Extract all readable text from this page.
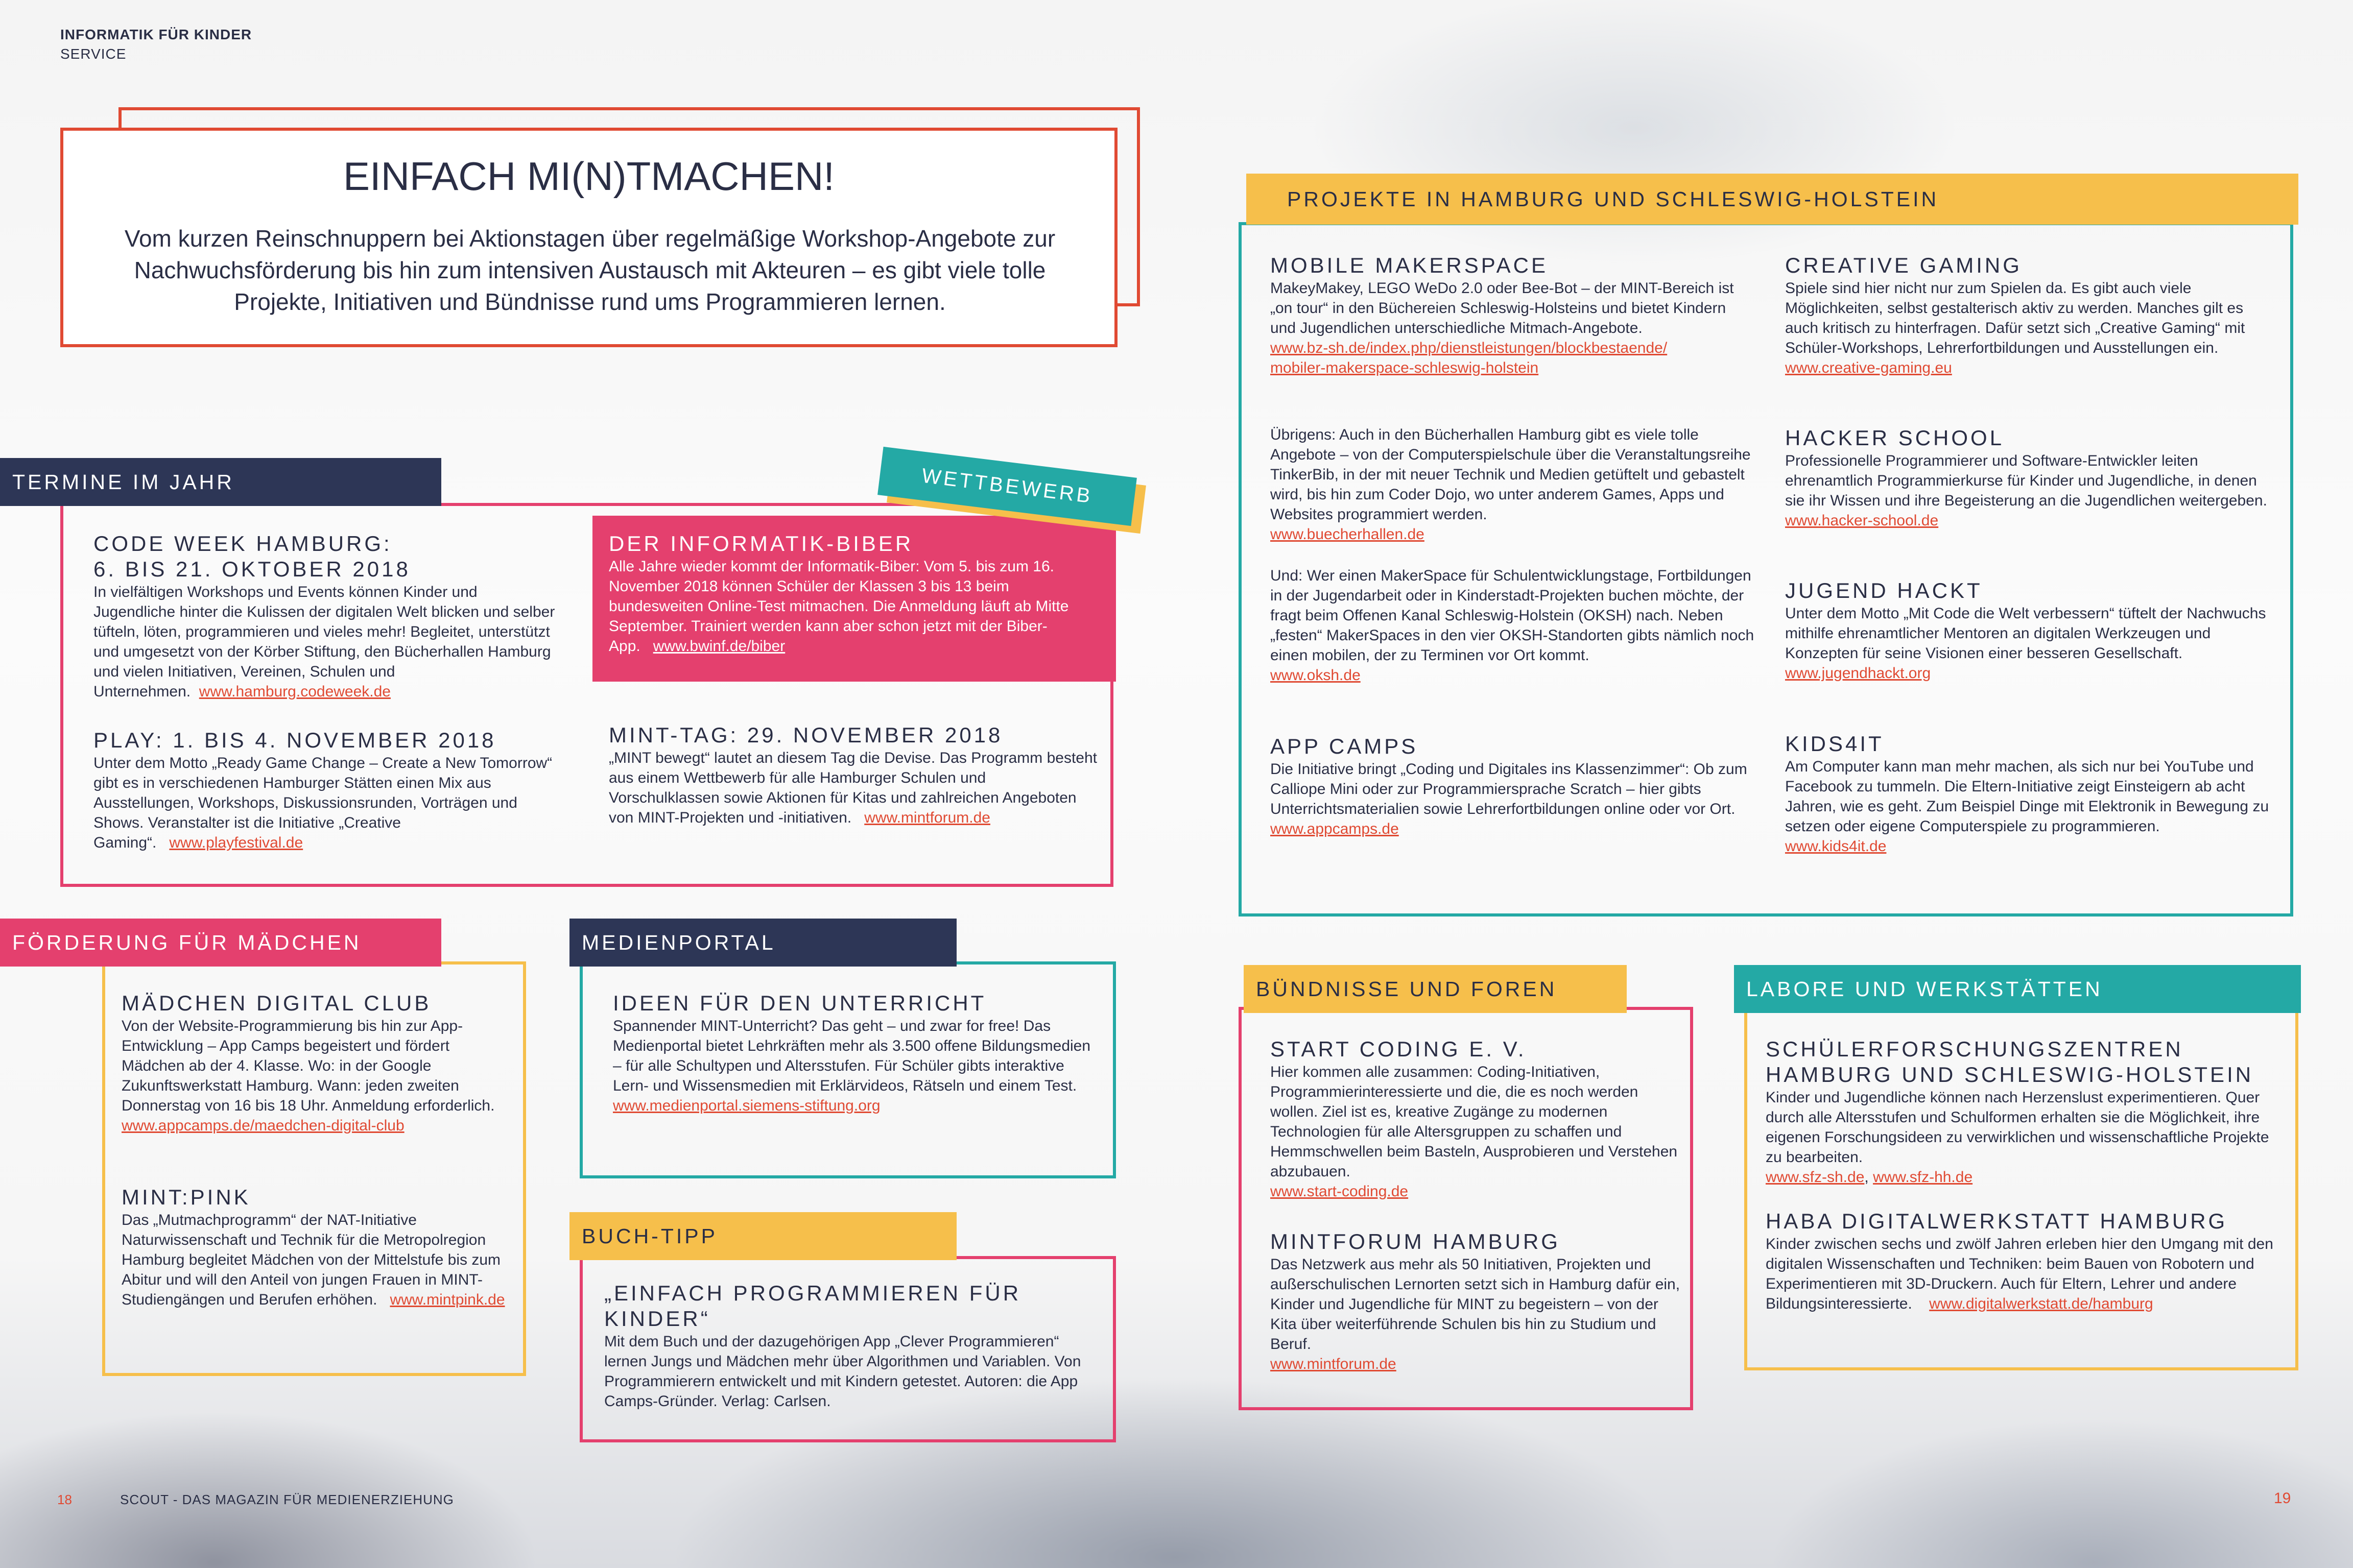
INFORMATIK FÜR KINDER
SERVICE
EINFACH MI(N)TMACHEN!
Vom kurzen Reinschnuppern bei Aktionstagen über regelmäßige Workshop-Angebote zur Nachwuchsförderung bis hin zum intensiven Austausch mit Akteuren – es gibt viele tolle Projekte, Initiativen und Bündnisse rund ums Programmieren lernen.
TERMINE IM JAHR
CODE WEEK HAMBURG:
6. BIS 21. OKTOBER 2018
In vielfältigen Workshops und Events können Kinder und Jugendliche hinter die Kulissen der digitalen Welt blicken und selber tüfteln, löten, programmieren und vieles mehr! Begleitet, unterstützt und umgesetzt von der Körber Stiftung, den Bücherhallen Hamburg und vielen Initiativen, Vereinen, Schulen und Unternehmen. www.hamburg.codeweek.de
PLAY: 1. BIS 4. NOVEMBER 2018
Unter dem Motto „Ready Game Change – Create a New Tomorrow“ gibt es in verschiedenen Hamburger Stätten einen Mix aus Ausstellungen, Workshops, Diskussionsrunden, Vorträgen und Shows. Veranstalter ist die Initiative „Creative Gaming“. www.playfestival.de
WETTBEWERB
DER INFORMATIK-BIBER
Alle Jahre wieder kommt der Informatik-Biber: Vom 5. bis zum 16. November 2018 können Schüler der Klassen 3 bis 13 beim bundesweiten Online-Test mitmachen. Die Anmeldung läuft ab Mitte September. Trainiert werden kann aber schon jetzt mit der Biber-App. www.bwinf.de/biber
MINT-TAG: 29. NOVEMBER 2018
„MINT bewegt“ lautet an diesem Tag die Devise. Das Programm besteht aus einem Wettbewerb für alle Hamburger Schulen und Vorschulklassen sowie Aktionen für Kitas und zahlreichen Angeboten von MINT-Projekten und -initiativen. www.mintforum.de
FÖRDERUNG FÜR MÄDCHEN
MÄDCHEN DIGITAL CLUB
Von der Website-Programmierung bis hin zur App-Entwicklung – App Camps begeistert und fördert Mädchen ab der 4. Klasse. Wo: in der Google Zukunftswerkstatt Hamburg. Wann: jeden zweiten Donnerstag von 16 bis 18 Uhr. Anmeldung erforderlich.
www.appcamps.de/maedchen-digital-club
MINT:PINK
Das „Mutmachprogramm“ der NAT-Initiative Naturwissenschaft und Technik für die Metropolregion Hamburg begleitet Mädchen von der Mittelstufe bis zum Abitur und will den Anteil von jungen Frauen in MINT-Studiengängen und Berufen erhöhen. www.mintpink.de
MEDIENPORTAL
IDEEN FÜR DEN UNTERRICHT
Spannender MINT-Unterricht? Das geht – und zwar for free! Das Medienportal bietet Lehrkräften mehr als 3.500 offene Bildungsmedien – für alle Schultypen und Altersstufen. Für Schüler gibts interaktive Lern- und Wissensmedien mit Erklärvideos, Rätseln und einem Test.
www.medienportal.siemens-stiftung.org
BUCH-TIPP
„EINFACH PROGRAMMIEREN FÜR KINDER“
Mit dem Buch und der dazugehörigen App „Clever Programmieren“ lernen Jungs und Mädchen mehr über Algorithmen und Variablen. Von Programmierern entwickelt und mit Kindern getestet. Autoren: die App Camps-Gründer. Verlag: Carlsen.
PROJEKTE IN HAMBURG UND SCHLESWIG-HOLSTEIN
MOBILE MAKERSPACE
MakeyMakey, LEGO WeDo 2.0 oder Bee-Bot – der MINT-Bereich ist „on tour“ in den Büchereien Schleswig-Holsteins und bietet Kindern und Jugendlichen unterschiedliche Mitmach-Angebote.
www.bz-sh.de/index.php/dienstleistungen/blockbestaende/
mobiler-makerspace-schleswig-holstein
Übrigens: Auch in den Bücherhallen Hamburg gibt es viele tolle Angebote – von der Computerspielschule über die Veranstaltungsreihe TinkerBib, in der mit neuer Technik und Medien getüftelt und gebastelt wird, bis hin zum Coder Dojo, wo unter anderem Games, Apps und Websites programmiert werden.
www.buecherhallen.de
Und: Wer einen MakerSpace für Schulentwicklungstage, Fortbildungen in der Jugendarbeit oder in Kinderstadt-Projekten buchen möchte, der fragt beim Offenen Kanal Schleswig-Holstein (OKSH) nach. Neben „festen“ MakerSpaces in den vier OKSH-Standorten gibts nämlich noch einen mobilen, der zu Terminen vor Ort kommt.
www.oksh.de
APP CAMPS
Die Initiative bringt „Coding und Digitales ins Klassenzimmer“: Ob zum Calliope Mini oder zur Programmiersprache Scratch – hier gibts Unterrichtsmaterialien sowie Lehrerfortbildungen online oder vor Ort.
www.appcamps.de
CREATIVE GAMING
Spiele sind hier nicht nur zum Spielen da. Es gibt auch viele Möglichkeiten, selbst gestalterisch aktiv zu werden. Manches gilt es auch kritisch zu hinterfragen. Dafür setzt sich „Creative Gaming“ mit Schüler-Workshops, Lehrerfortbildungen und Ausstellungen ein.
www.creative-gaming.eu
HACKER SCHOOL
Professionelle Programmierer und Software-Entwickler leiten ehrenamtlich Programmierkurse für Kinder und Jugendliche, in denen sie ihr Wissen und ihre Begeisterung an die Jugendlichen weitergeben.
www.hacker-school.de
JUGEND HACKT
Unter dem Motto „Mit Code die Welt verbessern“ tüftelt der Nachwuchs mithilfe ehrenamtlicher Mentoren an digitalen Werkzeugen und Konzepten für seine Visionen einer besseren Gesellschaft.
www.jugendhackt.org
KIDS4IT
Am Computer kann man mehr machen, als sich nur bei YouTube und Facebook zu tummeln. Die Eltern-Initiative zeigt Einsteigern ab acht Jahren, wie es geht. Zum Beispiel Dinge mit Elektronik in Bewegung zu setzen oder eigene Computerspiele zu programmieren.
www.kids4it.de
BÜNDNISSE UND FOREN
START CODING E. V.
Hier kommen alle zusammen: Coding-Initiativen, Programmierinteressierte und die, die es noch werden wollen. Ziel ist es, kreative Zugänge zu modernen Technologien für alle Altersgruppen zu schaffen und Hemmschwellen beim Basteln, Ausprobieren und Verstehen abzubauen.
www.start-coding.de
MINTFORUM HAMBURG
Das Netzwerk aus mehr als 50 Initiativen, Projekten und außerschulischen Lernorten setzt sich in Hamburg dafür ein, Kinder und Jugendliche für MINT zu begeistern – von der Kita über weiterführende Schulen bis hin zu Studium und Beruf.
www.mintforum.de
LABORE UND WERKSTÄTTEN
SCHÜLERFORSCHUNGSZENTREN
HAMBURG UND SCHLESWIG-HOLSTEIN
Kinder und Jugendliche können nach Herzenslust experimentieren. Quer durch alle Altersstufen und Schulformen erhalten sie die Möglichkeit, ihre eigenen Forschungsideen zu verwirklichen und wissenschaftliche Projekte zu bearbeiten.
www.sfz-sh.de, www.sfz-hh.de
HABA DIGITALWERKSTATT HAMBURG
Kinder zwischen sechs und zwölf Jahren erleben hier den Umgang mit den digitalen Wissenschaften und Techniken: beim Bauen von Robotern und Experimentieren mit 3D-Druckern. Auch für Eltern, Lehrer und andere Bildungsinteressierte. www.digitalwerkstatt.de/hamburg
18	SCOUT - DAS MAGAZIN FÜR MEDIENERZIEHUNG	19
